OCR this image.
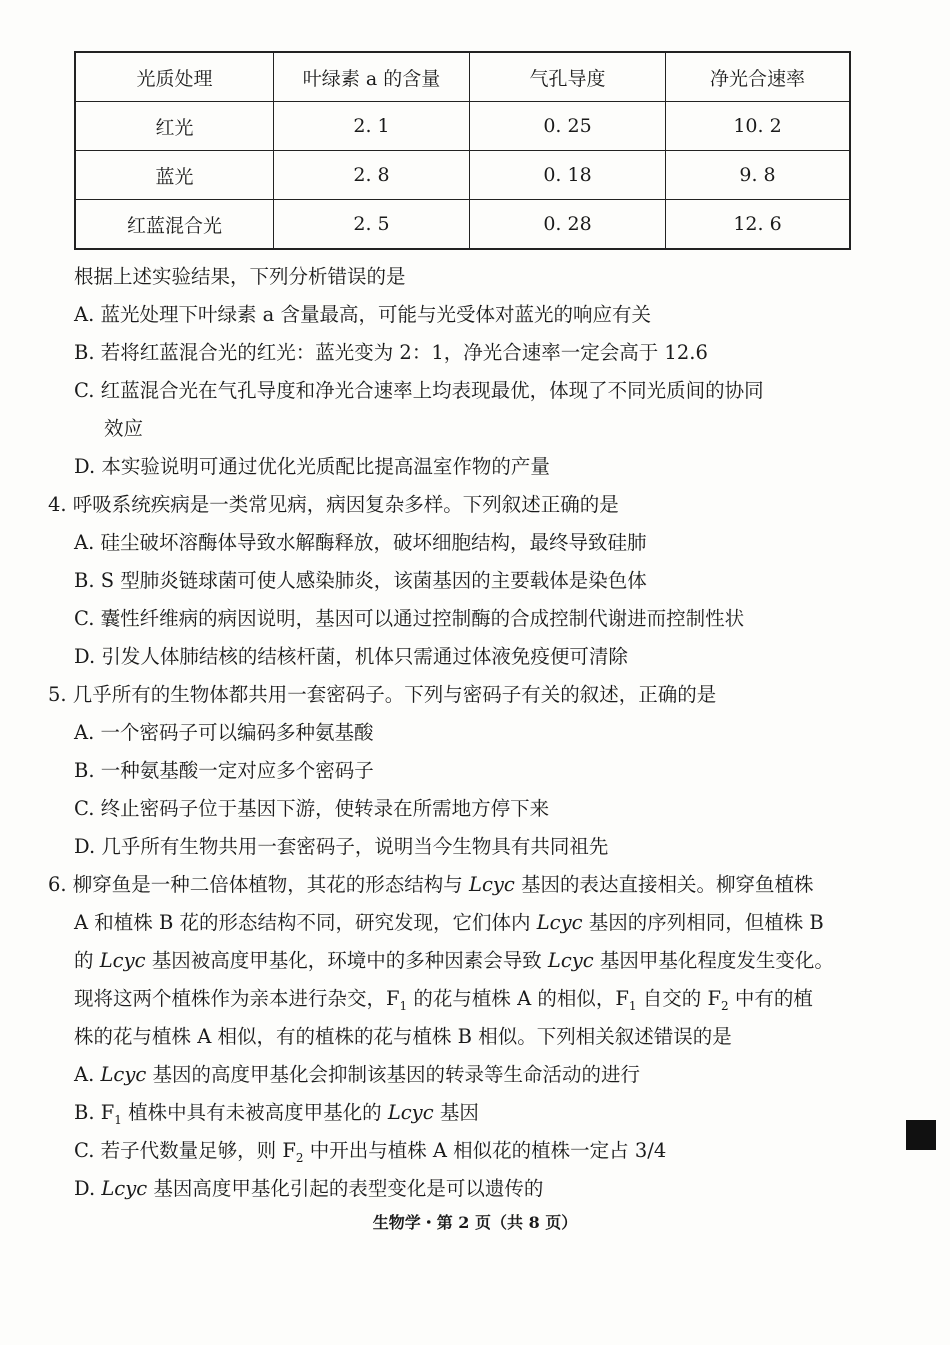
光质处理	叶绿素 a 的含量	气孔导度	净光合速率
红光	2. 1	0. 25	10. 2
蓝光	2. 8	0. 18	9. 8
红蓝混合光	2. 5	0. 28	12. 6
根据上述实验结果，下列分析错误的是
A. 蓝光处理下叶绿素 a 含量最高，可能与光受体对蓝光的响应有关
B. 若将红蓝混合光的红光：蓝光变为 2：1，净光合速率一定会高于 12.6
C. 红蓝混合光在气孔导度和净光合速率上均表现最优，体现了不同光质间的协同
效应
D. 本实验说明可通过优化光质配比提高温室作物的产量
4. 呼吸系统疾病是一类常见病，病因复杂多样。下列叙述正确的是
A. 硅尘破坏溶酶体导致水解酶释放，破坏细胞结构，最终导致硅肺
B. S 型肺炎链球菌可使人感染肺炎，该菌基因的主要载体是染色体
C. 囊性纤维病的病因说明，基因可以通过控制酶的合成控制代谢进而控制性状
D. 引发人体肺结核的结核杆菌，机体只需通过体液免疫便可清除
5. 几乎所有的生物体都共用一套密码子。下列与密码子有关的叙述，正确的是
A. 一个密码子可以编码多种氨基酸
B. 一种氨基酸一定对应多个密码子
C. 终止密码子位于基因下游，使转录在所需地方停下来
D. 几乎所有生物共用一套密码子，说明当今生物具有共同祖先
6. 柳穿鱼是一种二倍体植物，其花的形态结构与 Lcyc 基因的表达直接相关。柳穿鱼植株
A 和植株 B 花的形态结构不同，研究发现，它们体内 Lcyc 基因的序列相同，但植株 B
的 Lcyc 基因被高度甲基化，环境中的多种因素会导致 Lcyc 基因甲基化程度发生变化。
现将这两个植株作为亲本进行杂交，$F_1$ 的花与植株 A 的相似，$F_1$ 自交的 $F_2$ 中有的植
株的花与植株 A 相似，有的植株的花与植株 B 相似。下列相关叙述错误的是
A. Lcyc 基因的高度甲基化会抑制该基因的转录等生命活动的进行
B. $F_1$ 植株中具有未被高度甲基化的 Lcyc 基因
C. 若子代数量足够，则 $F_2$ 中开出与植株 A 相似花的植株一定占 3/4
D. Lcyc 基因高度甲基化引起的表型变化是可以遗传的
生物学・第 2 页（共 8 页）
